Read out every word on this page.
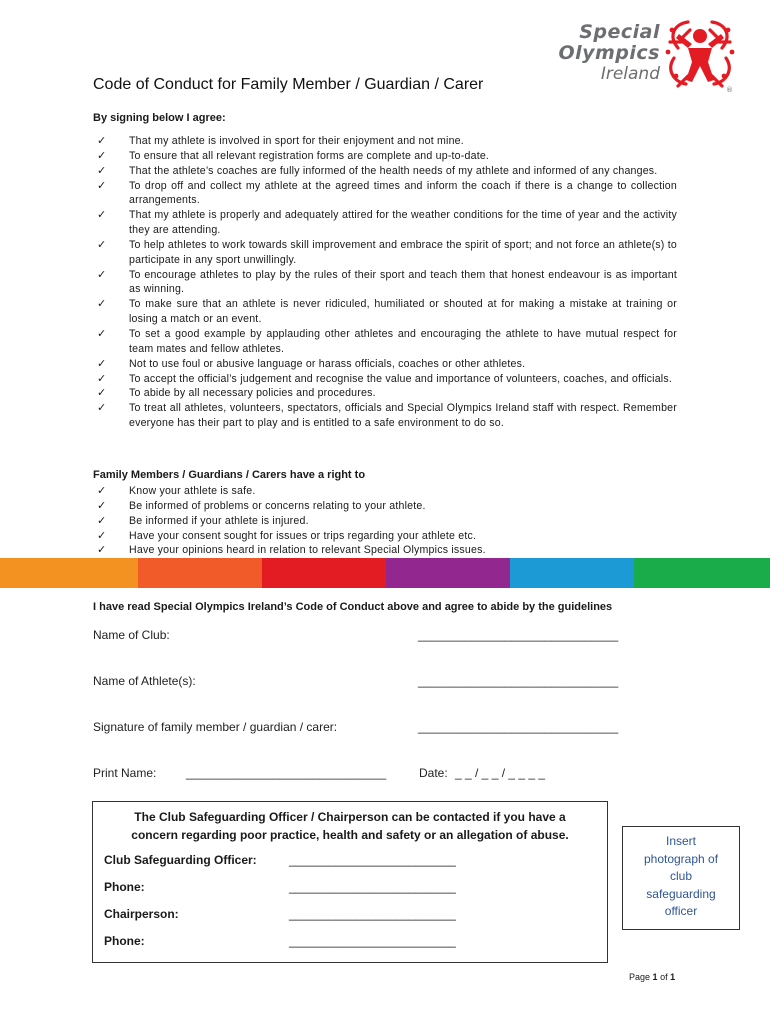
Special
Olympics
Ireland
®
Code of Conduct for Family Member / Guardian / Carer
By signing below I agree:
✓ That my athlete is involved in sport for their enjoyment and not mine.
✓ To ensure that all relevant registration forms are complete and up-to-date.
✓ That the athlete’s coaches are fully informed of the health needs of my athlete and informed of any changes.
✓ To drop off and collect my athlete at the agreed times and inform the coach if there is a change to collection arrangements.
✓ That my athlete is properly and adequately attired for the weather conditions for the time of year and the activity they are attending.
✓ To help athletes to work towards skill improvement and embrace the spirit of sport; and not force an athlete(s) to participate in any sport unwillingly.
✓ To encourage athletes to play by the rules of their sport and teach them that honest endeavour is as important as winning.
✓ To make sure that an athlete is never ridiculed, humiliated or shouted at for making a mistake at training or losing a match or an event.
✓ To set a good example by applauding other athletes and encouraging the athlete to have mutual respect for team mates and fellow athletes.
✓ Not to use foul or abusive language or harass officials, coaches or other athletes.
✓ To accept the official’s judgement and recognise the value and importance of volunteers, coaches, and officials.
✓ To abide by all necessary policies and procedures.
✓ To treat all athletes, volunteers, spectators, officials and Special Olympics Ireland staff with respect. Remember everyone has their part to play and is entitled to a safe environment to do so.
Family Members / Guardians / Carers have a right to
✓ Know your athlete is safe.
✓ Be informed of problems or concerns relating to your athlete.
✓ Be informed if your athlete is injured.
✓ Have your consent sought for issues or trips regarding your athlete etc.
✓ Have your opinions heard in relation to relevant Special Olympics issues.
I have read Special Olympics Ireland’s Code of Conduct above and agree to abide by the guidelines
Name of Club:	______________________________
Name of Athlete(s):	______________________________
Signature of family member / guardian / carer:	______________________________
Print Name: ______________________________	Date: _ _ / _ _ / _ _ _ _
The Club Safeguarding Officer / Chairperson can be contacted if you have a
concern regarding poor practice, health and safety or an allegation of abuse.
Club Safeguarding Officer:	_________________________
Phone:	_________________________
Chairperson:	_________________________
Phone:	_________________________
Insert
photograph of
club
safeguarding
officer
Page 1 of 1
